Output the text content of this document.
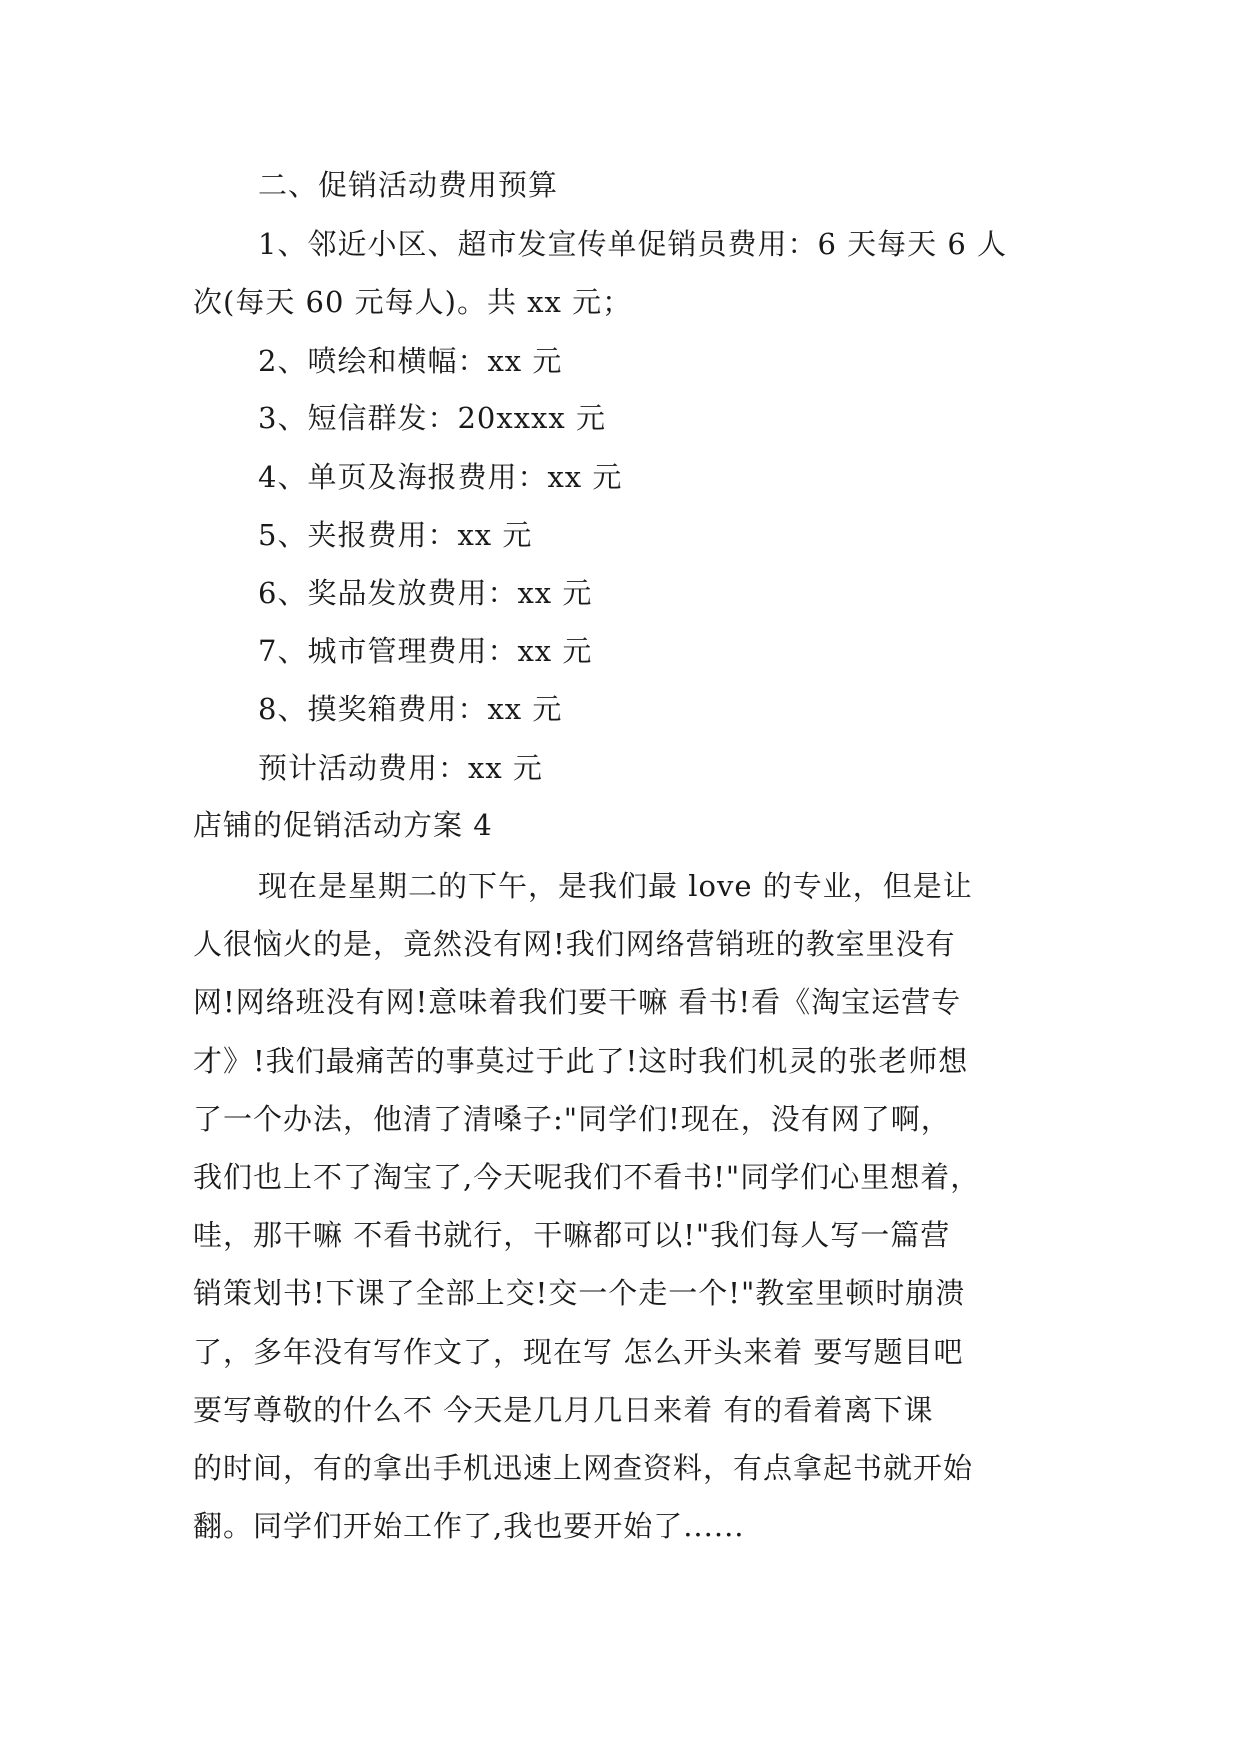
二、促销活动费用预算
1、邻近小区、超市发宣传单促销员费用：6 天每天 6 人
次(每天 60 元每人)。共 xx 元；
2、喷绘和横幅：xx 元
3、短信群发：20xxxx 元
4、单页及海报费用：xx 元
5、夹报费用：xx 元
6、奖品发放费用：xx 元
7、城市管理费用：xx 元
8、摸奖箱费用：xx 元
预计活动费用：xx 元
店铺的促销活动方案 4
现在是星期二的下午，是我们最 love 的专业，但是让
人很恼火的是，竟然没有网!我们网络营销班的教室里没有
网!网络班没有网!意味着我们要干嘛 看书!看《淘宝运营专
才》!我们最痛苦的事莫过于此了!这时我们机灵的张老师想
了一个办法，他清了清嗓子:"同学们!现在，没有网了啊，
我们也上不了淘宝了,今天呢我们不看书!"同学们心里想着，
哇，那干嘛 不看书就行，干嘛都可以!"我们每人写一篇营
销策划书!下课了全部上交!交一个走一个!"教室里顿时崩溃
了，多年没有写作文了，现在写 怎么开头来着 要写题目吧
要写尊敬的什么不 今天是几月几日来着 有的看着离下课
的时间，有的拿出手机迅速上网查资料，有点拿起书就开始
翻。同学们开始工作了,我也要开始了......
